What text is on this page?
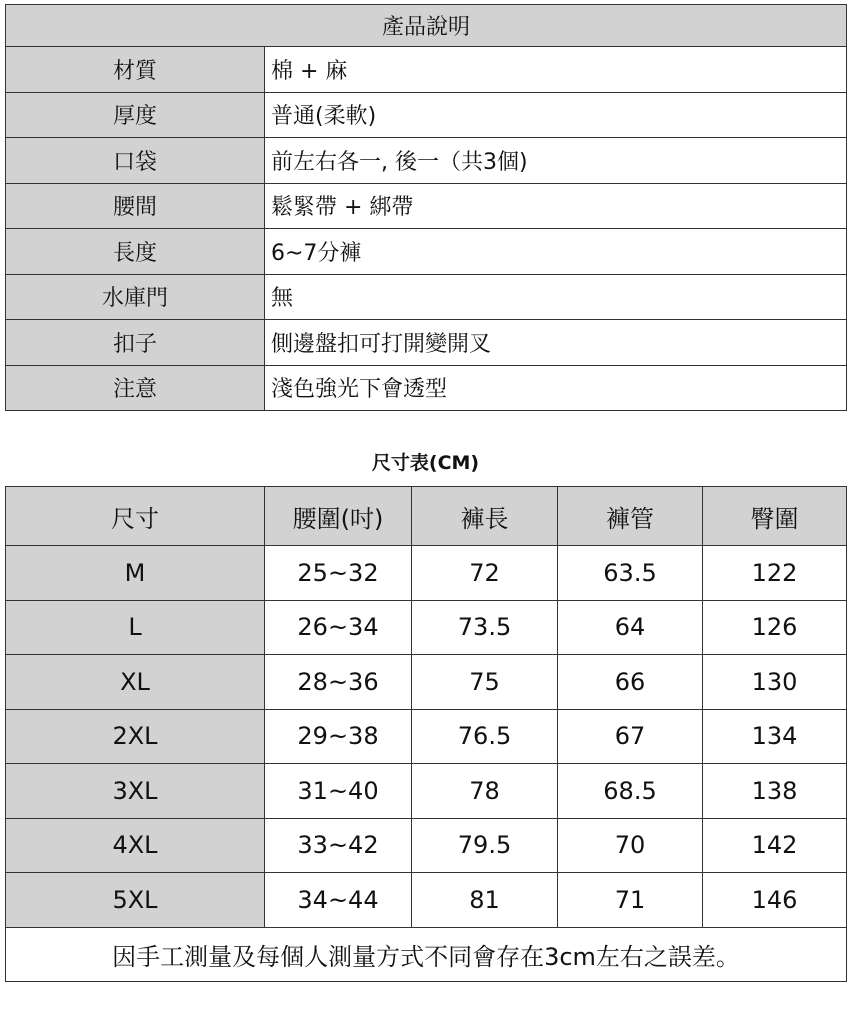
產品說明	
材質	棉 + 麻
厚度	普通(柔軟)
口袋	前左右各一, 後一（共3個)
腰間	鬆緊帶 + 綁帶
長度	6~7分褲
水庫門	無
扣子	側邊盤扣可打開變開叉
注意	淺色強光下會透型
尺寸表(CM)
尺寸	腰圍(吋)	褲長	褲管	臀圍
M	25~32	72	63.5	122
L	26~34	73.5	64	126
XL	28~36	75	66	130
2XL	29~38	76.5	67	134
3XL	31~40	78	68.5	138
4XL	33~42	79.5	70	142
5XL	34~44	81	71	146
因手工測量及每個人測量方式不同會存在3cm左右之誤差。				
